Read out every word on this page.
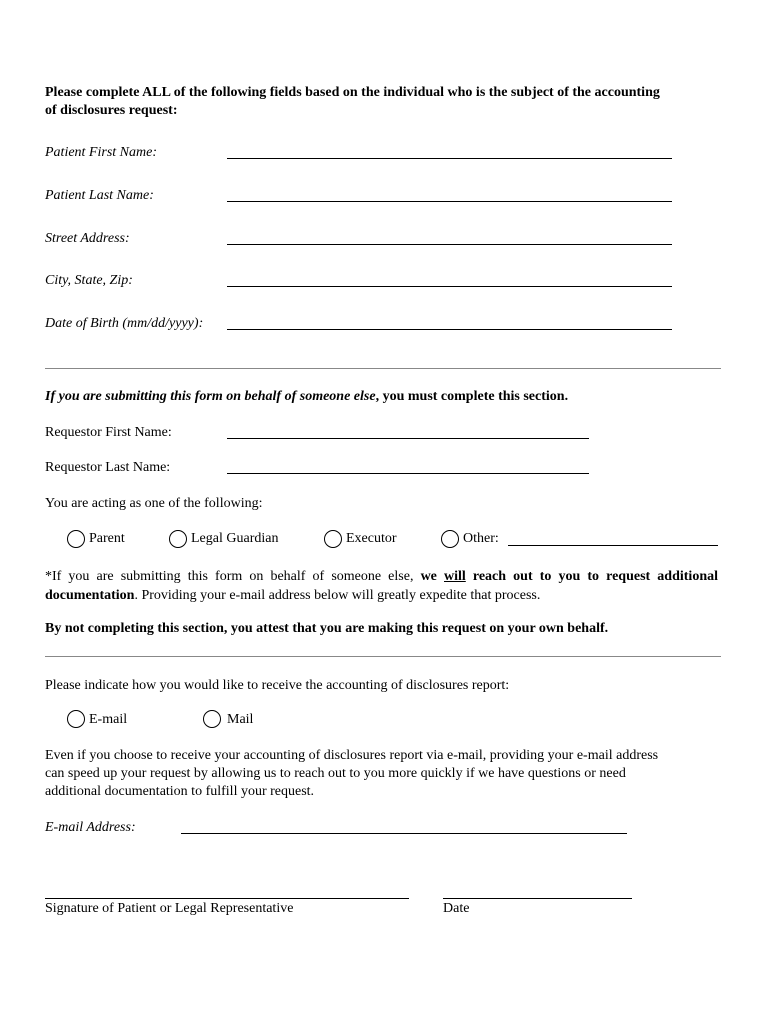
Please complete ALL of the following fields based on the individual who is the subject of the accounting
of disclosures request:
Patient First Name:
Patient Last Name:
Street Address:
City, State, Zip:
Date of Birth (mm/dd/yyyy):
If you are submitting this form on behalf of someone else, you must complete this section.
Requestor First Name:
Requestor Last Name:
You are acting as one of the following:
Parent	Legal Guardian	Executor	Other:
*If you are submitting this form on behalf of someone else, we will reach out to you to request additional documentation. Providing your e-mail address below will greatly expedite that process.
By not completing this section, you attest that you are making this request on your own behalf.
Please indicate how you would like to receive the accounting of disclosures report:
E-mail	Mail
Even if you choose to receive your accounting of disclosures report via e-mail, providing your e-mail address
can speed up your request by allowing us to reach out to you more quickly if we have questions or need
additional documentation to fulfill your request.
E-mail Address:
Signature of Patient or Legal Representative	Date
